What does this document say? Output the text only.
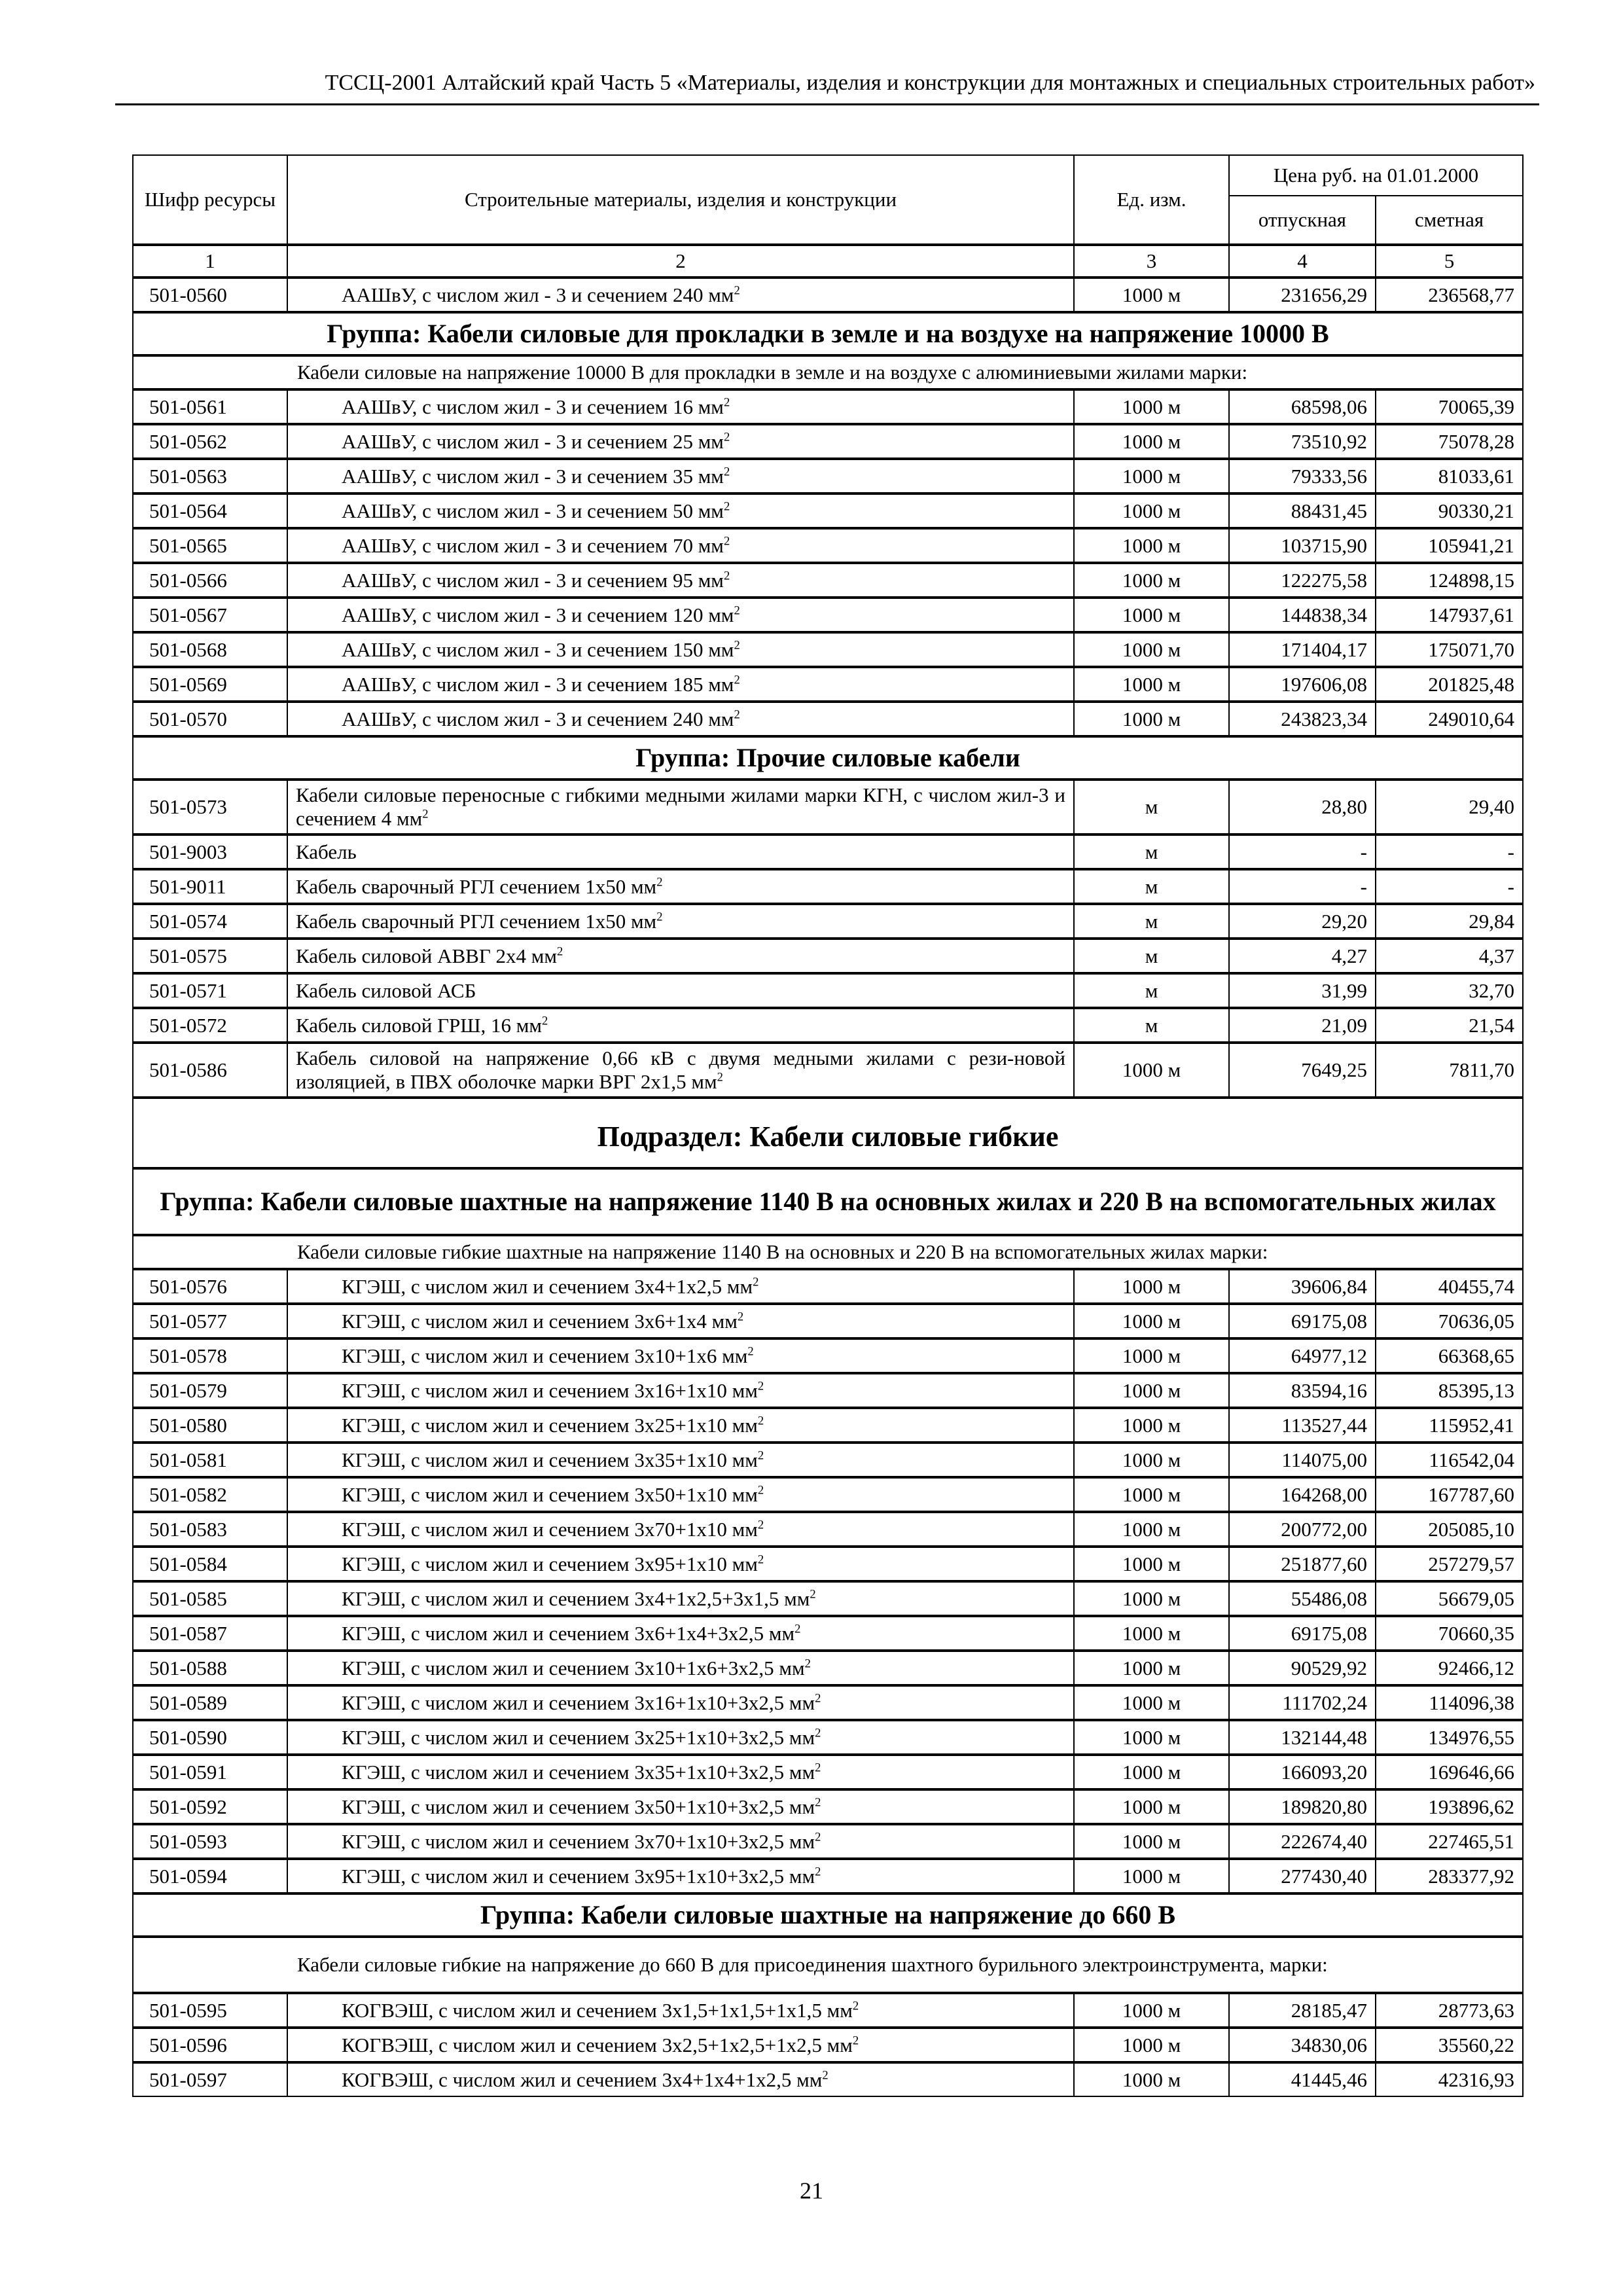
ТССЦ-2001 Алтайский край Часть 5 «Материалы, изделия и конструкции для монтажных и специальных строительных работ»
Шифр ресурсы	Строительные материалы, изделия и конструкции	Ед. изм.	Цена руб. на 01.01.2000	
			отпускная	сметная
1	2	3	4	5
501-0560	ААШвУ, с числом жил - 3 и сечением 240 $мм^2$	1000 м	231656,29	236568,77
Группа: Кабели силовые для прокладки в земле и на воздухе на напряжение 10000 В				
Кабели силовые на напряжение 10000 В для прокладки в земле и на воздухе с алюминиевыми жилами марки:				
501-0561	ААШвУ, с числом жил - 3 и сечением 16 $мм^2$	1000 м	68598,06	70065,39
501-0562	ААШвУ, с числом жил - 3 и сечением 25 $мм^2$	1000 м	73510,92	75078,28
501-0563	ААШвУ, с числом жил - 3 и сечением 35 $мм^2$	1000 м	79333,56	81033,61
501-0564	ААШвУ, с числом жил - 3 и сечением 50 $мм^2$	1000 м	88431,45	90330,21
501-0565	ААШвУ, с числом жил - 3 и сечением 70 $мм^2$	1000 м	103715,90	105941,21
501-0566	ААШвУ, с числом жил - 3 и сечением 95 $мм^2$	1000 м	122275,58	124898,15
501-0567	ААШвУ, с числом жил - 3 и сечением 120 $мм^2$	1000 м	144838,34	147937,61
501-0568	ААШвУ, с числом жил - 3 и сечением 150 $мм^2$	1000 м	171404,17	175071,70
501-0569	ААШвУ, с числом жил - 3 и сечением 185 $мм^2$	1000 м	197606,08	201825,48
501-0570	ААШвУ, с числом жил - 3 и сечением 240 $мм^2$	1000 м	243823,34	249010,64
Группа: Прочие силовые кабели				
501-0573	Кабели силовые переносные с гибкими медными жилами марки КГН, с числом жил-3 и сечением 4 $мм^2$	м	28,80	29,40
501-9003	Кабель	м	-	-
501-9011	Кабель сварочный РГЛ сечением 1х50 $мм^2$	м	-	-
501-0574	Кабель сварочный РГЛ сечением 1х50 $мм^2$	м	29,20	29,84
501-0575	Кабель силовой АВВГ 2х4 $мм^2$	м	4,27	4,37
501-0571	Кабель силовой АСБ	м	31,99	32,70
501-0572	Кабель силовой ГРШ, 16 $мм^2$	м	21,09	21,54
501-0586	Кабель силовой на напряжение 0,66 кВ с двумя медными жилами с рези-новой изоляцией, в ПВХ оболочке марки ВРГ 2х1,5 $мм^2$	1000 м	7649,25	7811,70
Подраздел: Кабели силовые гибкие				
Группа: Кабели силовые шахтные на напряжение 1140 В на основных жилах и 220 В на вспомогательных жилах				
Кабели силовые гибкие шахтные на напряжение 1140 В на основных и 220 В на вспомогательных жилах марки:				
501-0576	КГЭШ, с числом жил и сечением 3х4+1х2,5 $мм^2$	1000 м	39606,84	40455,74
501-0577	КГЭШ, с числом жил и сечением 3х6+1х4 $мм^2$	1000 м	69175,08	70636,05
501-0578	КГЭШ, с числом жил и сечением 3х10+1х6 $мм^2$	1000 м	64977,12	66368,65
501-0579	КГЭШ, с числом жил и сечением 3х16+1х10 $мм^2$	1000 м	83594,16	85395,13
501-0580	КГЭШ, с числом жил и сечением 3х25+1х10 $мм^2$	1000 м	113527,44	115952,41
501-0581	КГЭШ, с числом жил и сечением 3х35+1х10 $мм^2$	1000 м	114075,00	116542,04
501-0582	КГЭШ, с числом жил и сечением 3х50+1х10 $мм^2$	1000 м	164268,00	167787,60
501-0583	КГЭШ, с числом жил и сечением 3х70+1х10 $мм^2$	1000 м	200772,00	205085,10
501-0584	КГЭШ, с числом жил и сечением 3х95+1х10 $мм^2$	1000 м	251877,60	257279,57
501-0585	КГЭШ, с числом жил и сечением 3х4+1х2,5+3х1,5 $мм^2$	1000 м	55486,08	56679,05
501-0587	КГЭШ, с числом жил и сечением 3х6+1х4+3х2,5 $мм^2$	1000 м	69175,08	70660,35
501-0588	КГЭШ, с числом жил и сечением 3х10+1х6+3х2,5 $мм^2$	1000 м	90529,92	92466,12
501-0589	КГЭШ, с числом жил и сечением 3х16+1х10+3х2,5 $мм^2$	1000 м	111702,24	114096,38
501-0590	КГЭШ, с числом жил и сечением 3х25+1х10+3х2,5 $мм^2$	1000 м	132144,48	134976,55
501-0591	КГЭШ, с числом жил и сечением 3х35+1х10+3х2,5 $мм^2$	1000 м	166093,20	169646,66
501-0592	КГЭШ, с числом жил и сечением 3х50+1х10+3х2,5 $мм^2$	1000 м	189820,80	193896,62
501-0593	КГЭШ, с числом жил и сечением 3х70+1х10+3х2,5 $мм^2$	1000 м	222674,40	227465,51
501-0594	КГЭШ, с числом жил и сечением 3х95+1х10+3х2,5 $мм^2$	1000 м	277430,40	283377,92
Группа: Кабели силовые шахтные на напряжение до 660 В				
Кабели силовые гибкие на напряжение до 660 В для присоединения шахтного бурильного электроинструмента, марки:				
501-0595	КОГВЭШ, с числом жил и сечением 3х1,5+1х1,5+1х1,5 $мм^2$	1000 м	28185,47	28773,63
501-0596	КОГВЭШ, с числом жил и сечением 3х2,5+1х2,5+1х2,5 $мм^2$	1000 м	34830,06	35560,22
501-0597	КОГВЭШ, с числом жил и сечением 3х4+1х4+1х2,5 $мм^2$	1000 м	41445,46	42316,93
21
